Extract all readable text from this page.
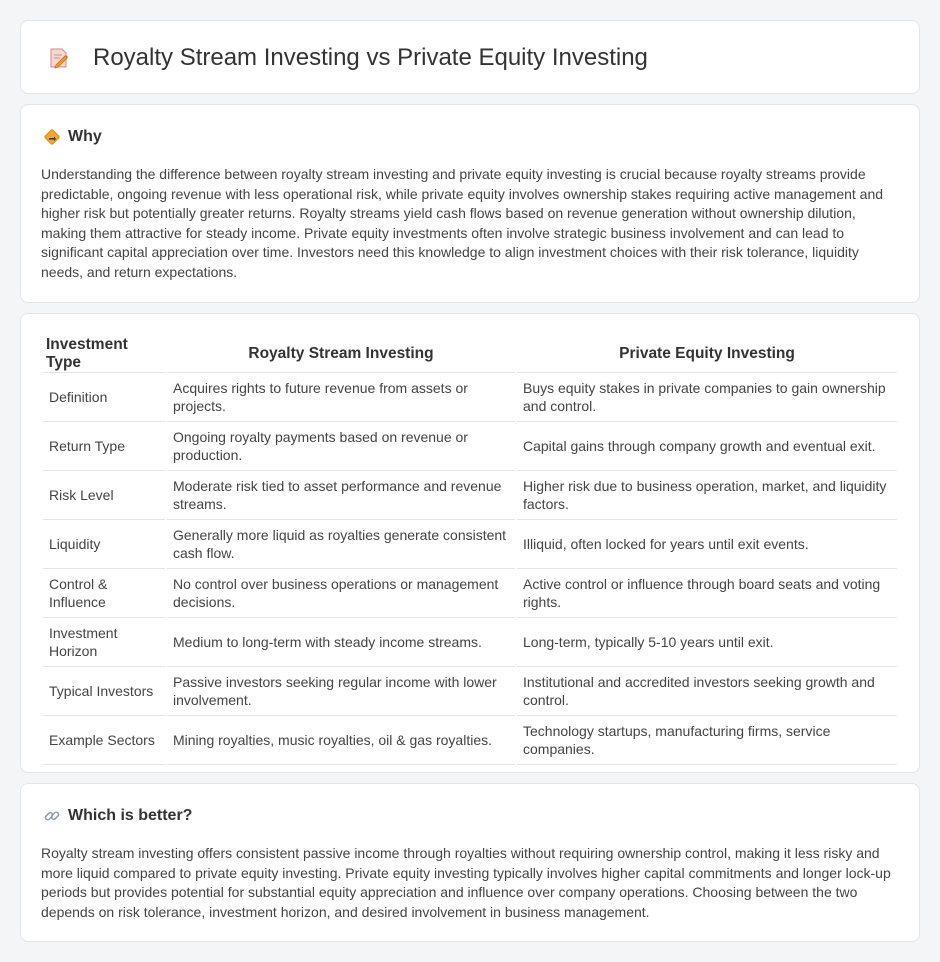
Royalty Stream Investing vs Private Equity Investing
Why

Understanding the difference between royalty stream investing and private equity investing is crucial because royalty streams provide predictable, ongoing revenue with less operational risk, while private equity involves ownership stakes requiring active management and higher risk but potentially greater returns. Royalty streams yield cash flows based on revenue generation without ownership dilution, making them attractive for steady income. Private equity investments often involve strategic business involvement and can lead to significant capital appreciation over time. Investors need this knowledge to align investment choices with their risk tolerance, liquidity needs, and return expectations.

Investment Type	Royalty Stream Investing	Private Equity Investing
Definition	Acquires rights to future revenue from assets or projects.	Buys equity stakes in private companies to gain ownership and control.
Return Type	Ongoing royalty payments based on revenue or production.	Capital gains through company growth and eventual exit.
Risk Level	Moderate risk tied to asset performance and revenue streams.	Higher risk due to business operation, market, and liquidity factors.
Liquidity	Generally more liquid as royalties generate consistent cash flow.	Illiquid, often locked for years until exit events.
Control & Influence	No control over business operations or management decisions.	Active control or influence through board seats and voting rights.
Investment Horizon	Medium to long-term with steady income streams.	Long-term, typically 5-10 years until exit.
Typical Investors	Passive investors seeking regular income with lower involvement.	Institutional and accredited investors seeking growth and control.
Example Sectors	Mining royalties, music royalties, oil & gas royalties.	Technology startups, manufacturing firms, service companies.
Which is better?

Royalty stream investing offers consistent passive income through royalties without requiring ownership control, making it less risky and more liquid compared to private equity investing. Private equity investing typically involves higher capital commitments and longer lock-up periods but provides potential for substantial equity appreciation and influence over company operations. Choosing between the two depends on risk tolerance, investment horizon, and desired involvement in business management.
